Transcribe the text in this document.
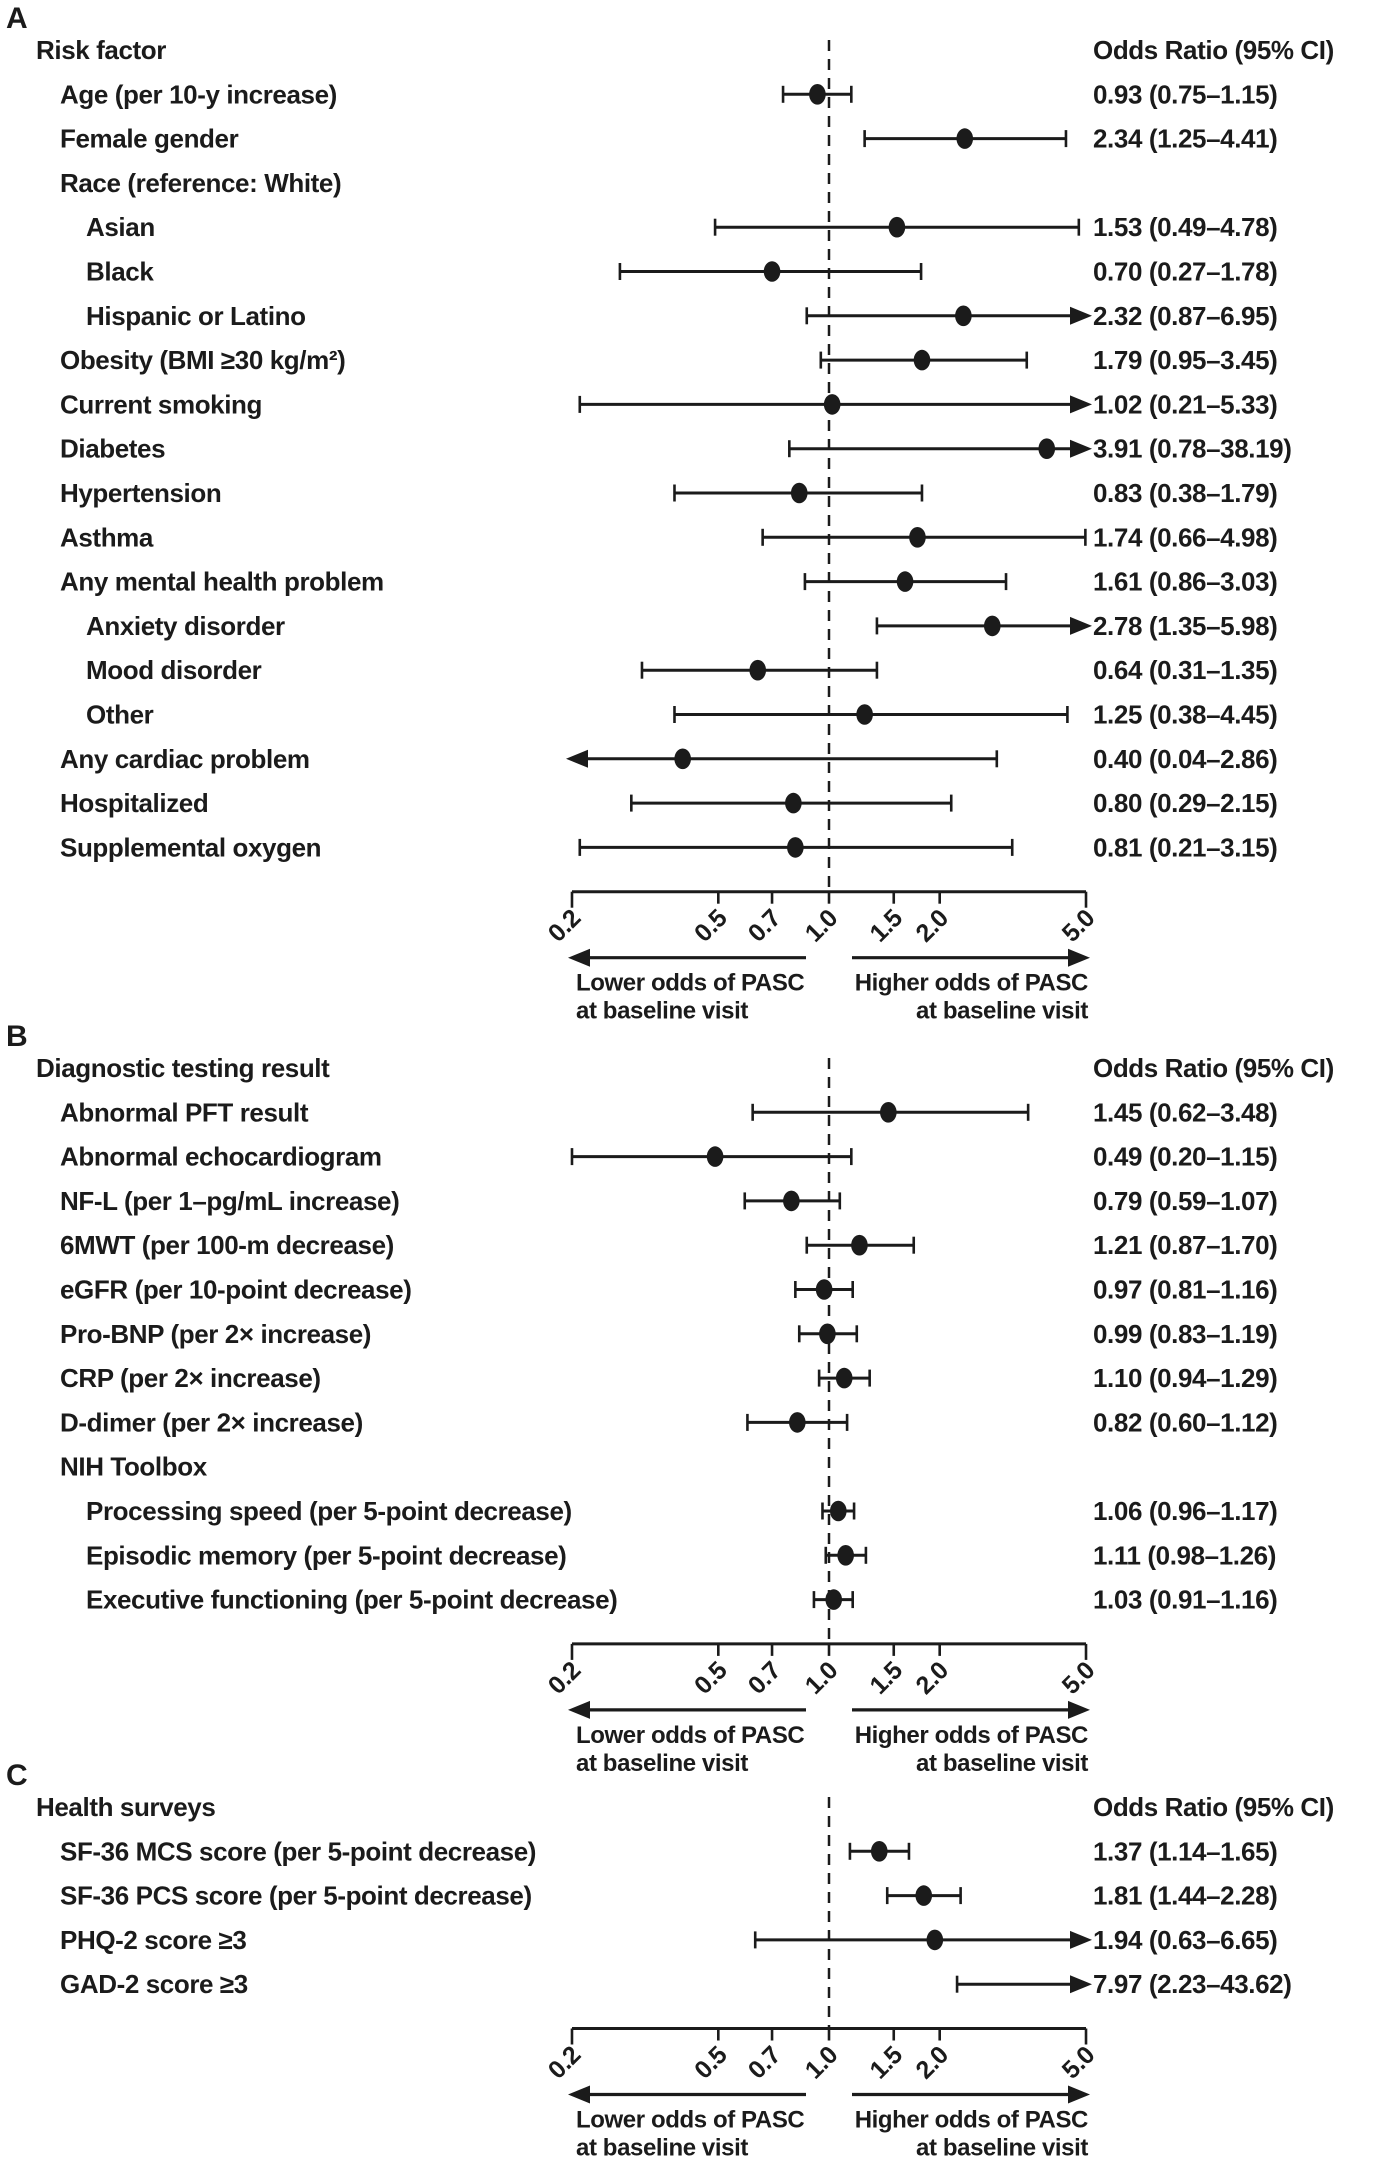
A
Risk factor	Odds Ratio (95% CI)
Age (per 10-y increase)	0.93 (0.75–1.15)
Female gender	2.34 (1.25–4.41)
Race (reference: White)
Asian	1.53 (0.49–4.78)
Black	0.70 (0.27–1.78)
Hispanic or Latino	2.32 (0.87–6.95)
Obesity (BMI ≥30 kg/m²)	1.79 (0.95–3.45)
Current smoking	1.02 (0.21–5.33)
Diabetes	3.91 (0.78–38.19)
Hypertension	0.83 (0.38–1.79)
Asthma	1.74 (0.66–4.98)
Any mental health problem	1.61 (0.86–3.03)
Anxiety disorder	2.78 (1.35–5.98)
Mood disorder	0.64 (0.31–1.35)
Other	1.25 (0.38–4.45)
Any cardiac problem	0.40 (0.04–2.86)
Hospitalized	0.80 (0.29–2.15)
Supplemental oxygen	0.81 (0.21–3.15)
0.2	0.5 0.7 1.0 1.5 2.0	5.0
Lower odds of PASC
at baseline visit
Higher odds of PASC
at baseline visit
B
Diagnostic testing result	Odds Ratio (95% CI)
Abnormal PFT result	1.45 (0.62–3.48)
Abnormal echocardiogram	0.49 (0.20–1.15)
NF-L (per 1–pg/mL increase)	0.79 (0.59–1.07)
6MWT (per 100-m decrease)	1.21 (0.87–1.70)
eGFR (per 10-point decrease)	0.97 (0.81–1.16)
Pro-BNP (per 2× increase)	0.99 (0.83–1.19)
CRP (per 2× increase)	1.10 (0.94–1.29)
D-dimer (per 2× increase)	0.82 (0.60–1.12)
NIH Toolbox
Processing speed (per 5-point decrease)	1.06 (0.96–1.17)
Episodic memory (per 5-point decrease)	1.11 (0.98–1.26)
Executive functioning (per 5-point decrease)	1.03 (0.91–1.16)
0.2	0.5 0.7 1.0 1.5 2.0	5.0
Lower odds of PASC
at baseline visit
Higher odds of PASC
at baseline visit
C
Health surveys	Odds Ratio (95% CI)
SF-36 MCS score (per 5-point decrease)	1.37 (1.14–1.65)
SF-36 PCS score (per 5-point decrease)	1.81 (1.44–2.28)
PHQ-2 score ≥3	1.94 (0.63–6.65)
GAD-2 score ≥3	7.97 (2.23–43.62)
0.2	0.5 0.7 1.0 1.5 2.0	5.0
Lower odds of PASC
at baseline visit
Higher odds of PASC
at baseline visit
